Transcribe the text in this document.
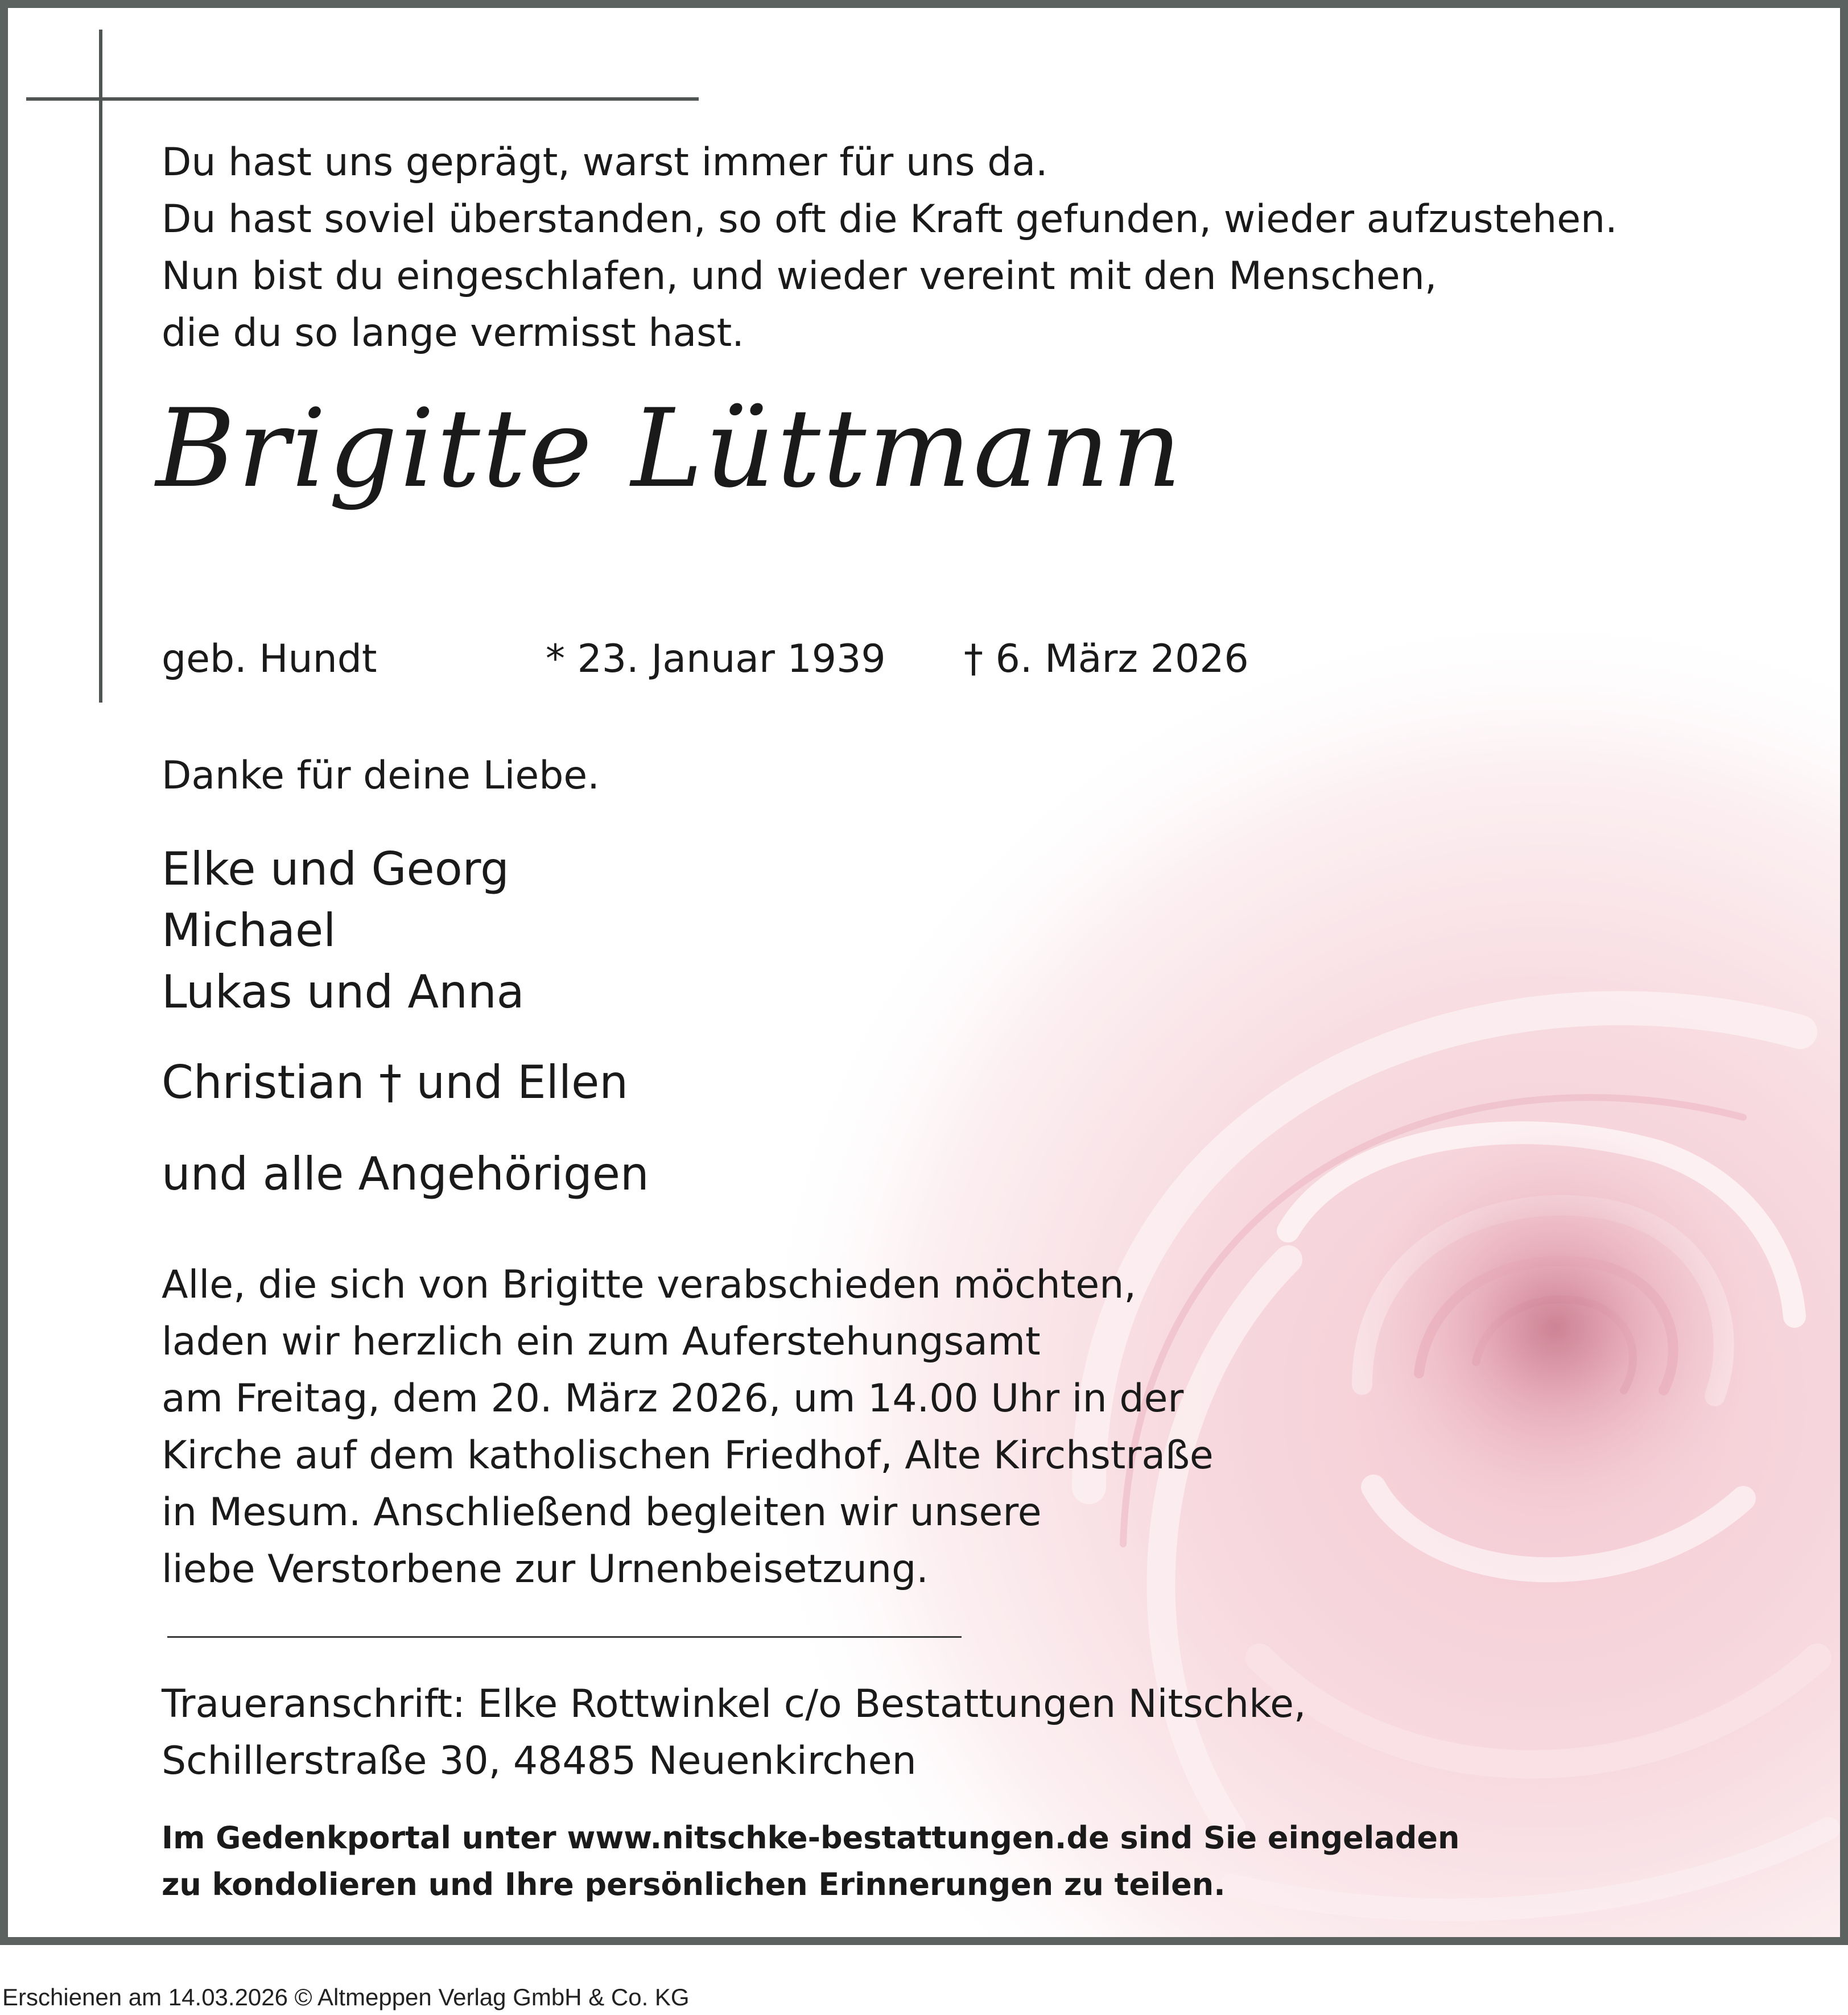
Du hast uns geprägt, warst immer für uns da.
Du hast soviel überstanden, so oft die Kraft gefunden, wieder aufzustehen.
Nun bist du eingeschlafen, und wieder vereint mit den Menschen,
die du so lange vermisst hast.
Brigitte Lüttmann
geb. Hundt	* 23. Januar 1939 † 6. März 2026
Danke für deine Liebe.
Elke und Georg
Michael
Lukas und Anna
Christian † und Ellen
und alle Angehörigen
Alle, die sich von Brigitte verabschieden möchten,
laden wir herzlich ein zum Auferstehungsamt
am Freitag, dem 20. März 2026, um 14.00 Uhr in der
Kirche auf dem katholischen Friedhof, Alte Kirchstraße
in Mesum. Anschließend begleiten wir unsere
liebe Verstorbene zur Urnenbeisetzung.
Traueranschrift: Elke Rottwinkel c/o Bestattungen Nitschke,
Schillerstraße 30, 48485 Neuenkirchen
Im Gedenkportal unter www.nitschke-bestattungen.de sind Sie eingeladen
zu kondolieren und Ihre persönlichen Erinnerungen zu teilen.
Erschienen am 14.03.2026 © Altmeppen Verlag GmbH & Co. KG
